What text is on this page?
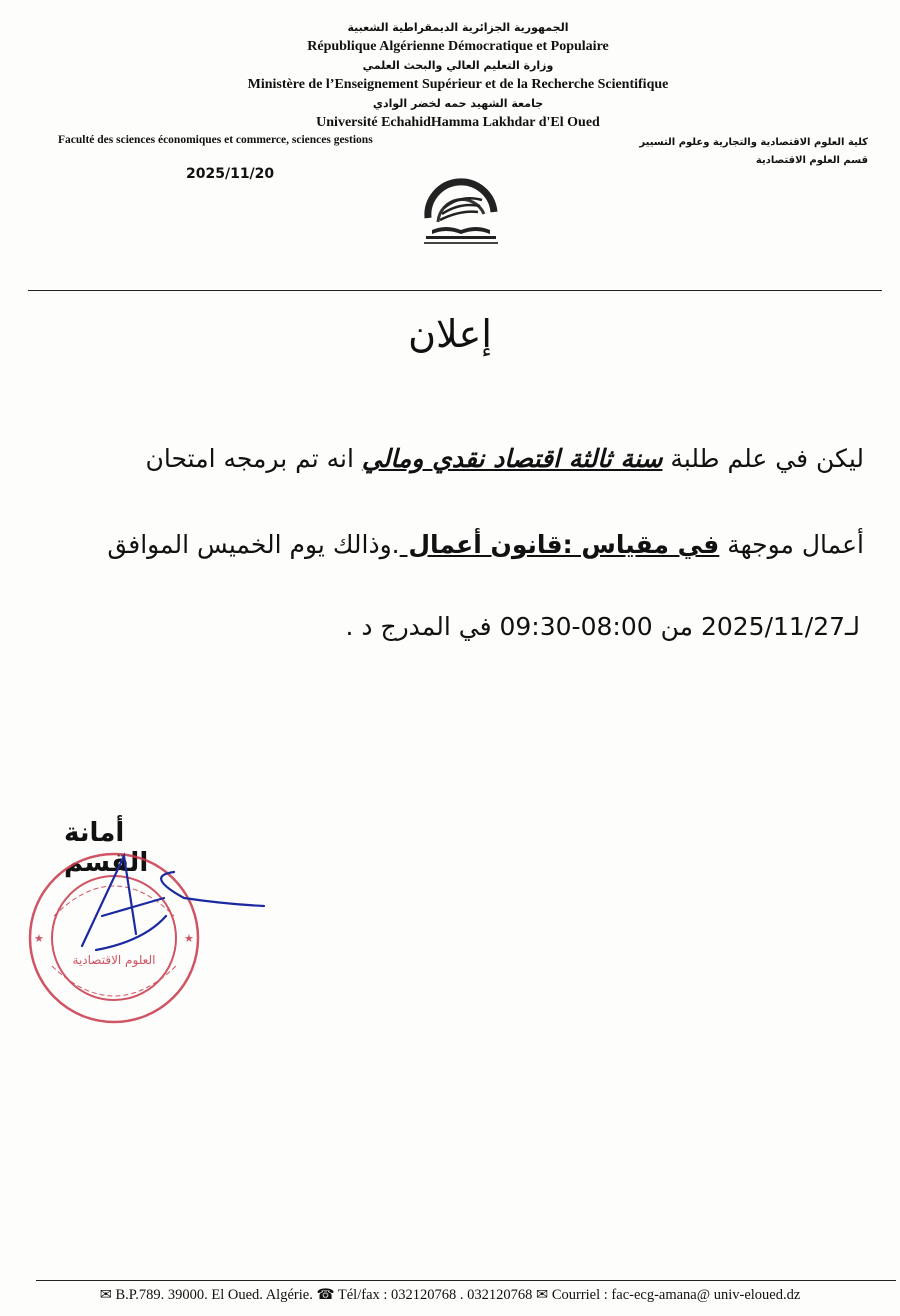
الجمهورية الجزائرية الديمقراطية الشعبية
République Algérienne Démocratique et Populaire
وزارة التعليم العالي والبحث العلمي
Ministère de l’Enseignement Supérieur et de la Recherche Scientifique
جامعة الشهيد حمه لخضر الوادي
Université EchahidHamma Lakhdar d'El Oued
Faculté des sciences économiques et commerce, sciences gestions	كلية العلوم الاقتصادية والتجارية وعلوم التسيير
قسم العلوم الاقتصادية
2025/11/20
إعلان
ليكن في علم طلبة سنة ثالثة اقتصاد نقدي ومالي انه تم برمجه امتحان
أعمال موجهة في مقياس :قانون أعمال .وذالك يوم الخميس الموافق
لـ2025/11/27 من 08:00-09:30 في المدرج د .
أمانة القسم
★	★
العلوم الاقتصادية
✉ B.P.789. 39000. El Oued. Algérie. ☎ Tél/fax : 032120768 . 032120768 ✉ Courriel : fac-ecg-amana@ univ-eloued.dz
